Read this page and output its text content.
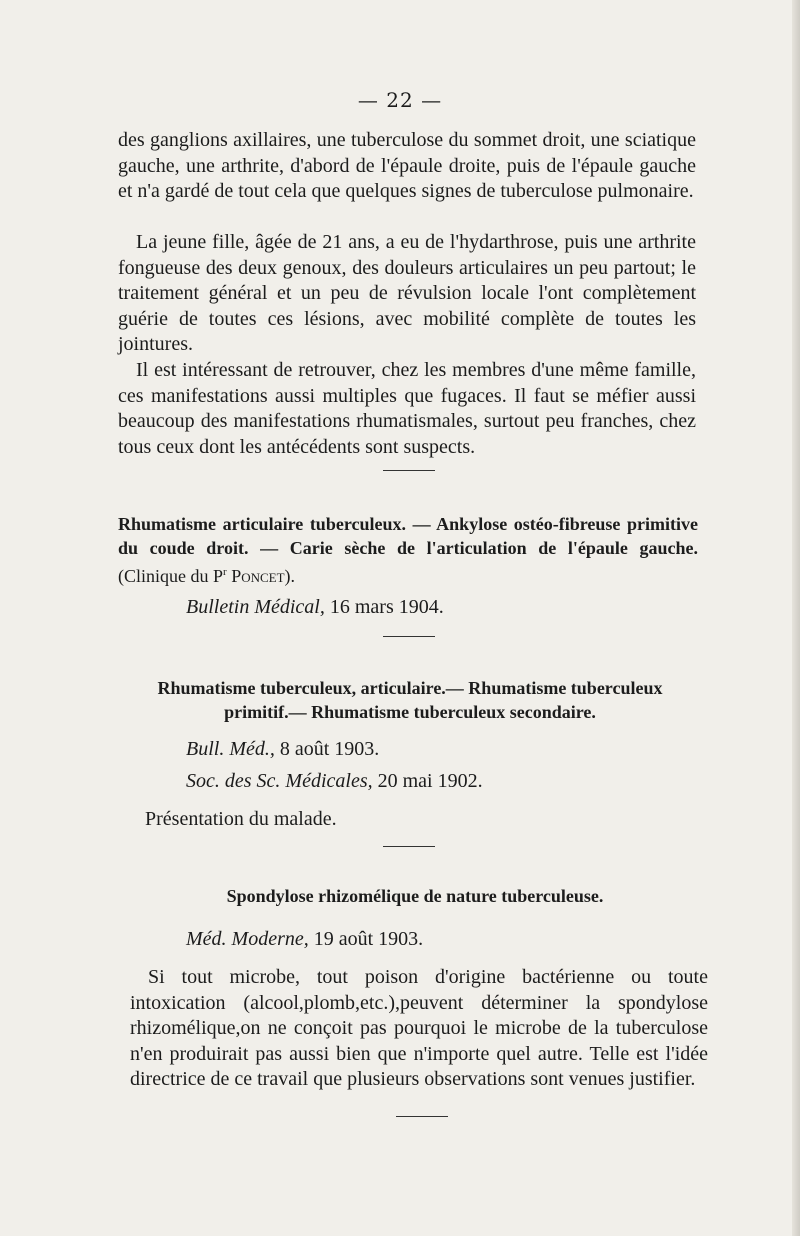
— 22 —

des ganglions axillaires, une tuberculose du sommet droit, une sciatique gauche, une arthrite, d'abord de l'épaule droite, puis de l'épaule gauche et n'a gardé de tout cela que quelques signes de tuberculose pulmonaire.

La jeune fille, âgée de 21 ans, a eu de l'hydarthrose, puis une arthrite fongueuse des deux genoux, des douleurs articulaires un peu partout; le traitement général et un peu de révulsion locale l'ont complètement guérie de toutes ces lésions, avec mobilité complète de toutes les jointures.

Il est intéressant de retrouver, chez les membres d'une même famille, ces manifestations aussi multiples que fugaces. Il faut se méfier aussi beaucoup des manifestations rhumatismales, surtout peu franches, chez tous ceux dont les antécédents sont suspects.

Rhumatisme articulaire tuberculeux. — Ankylose ostéo-fibreuse primitive du coude droit. — Carie sèche de l'articulation de l'épaule gauche. (Clinique du $P^r$ Poncet).

Bulletin Médical, 16 mars 1904.

Rhumatisme tuberculeux, articulaire.— Rhumatisme tuberculeux primitif.— Rhumatisme tuberculeux secondaire.

Bull. Méd., 8 août 1903.

Soc. des Sc. Médicales, 20 mai 1902.

Présentation du malade.

Spondylose rhizomélique de nature tuberculeuse.

Méd. Moderne, 19 août 1903.

Si tout microbe, tout poison d'origine bactérienne ou toute intoxication (alcool,plomb,etc.),peuvent déterminer la spondylose rhizomélique,on ne conçoit pas pourquoi le microbe de la tuberculose n'en produirait pas aussi bien que n'importe quel autre. Telle est l'idée directrice de ce travail que plusieurs observations sont venues justifier.
